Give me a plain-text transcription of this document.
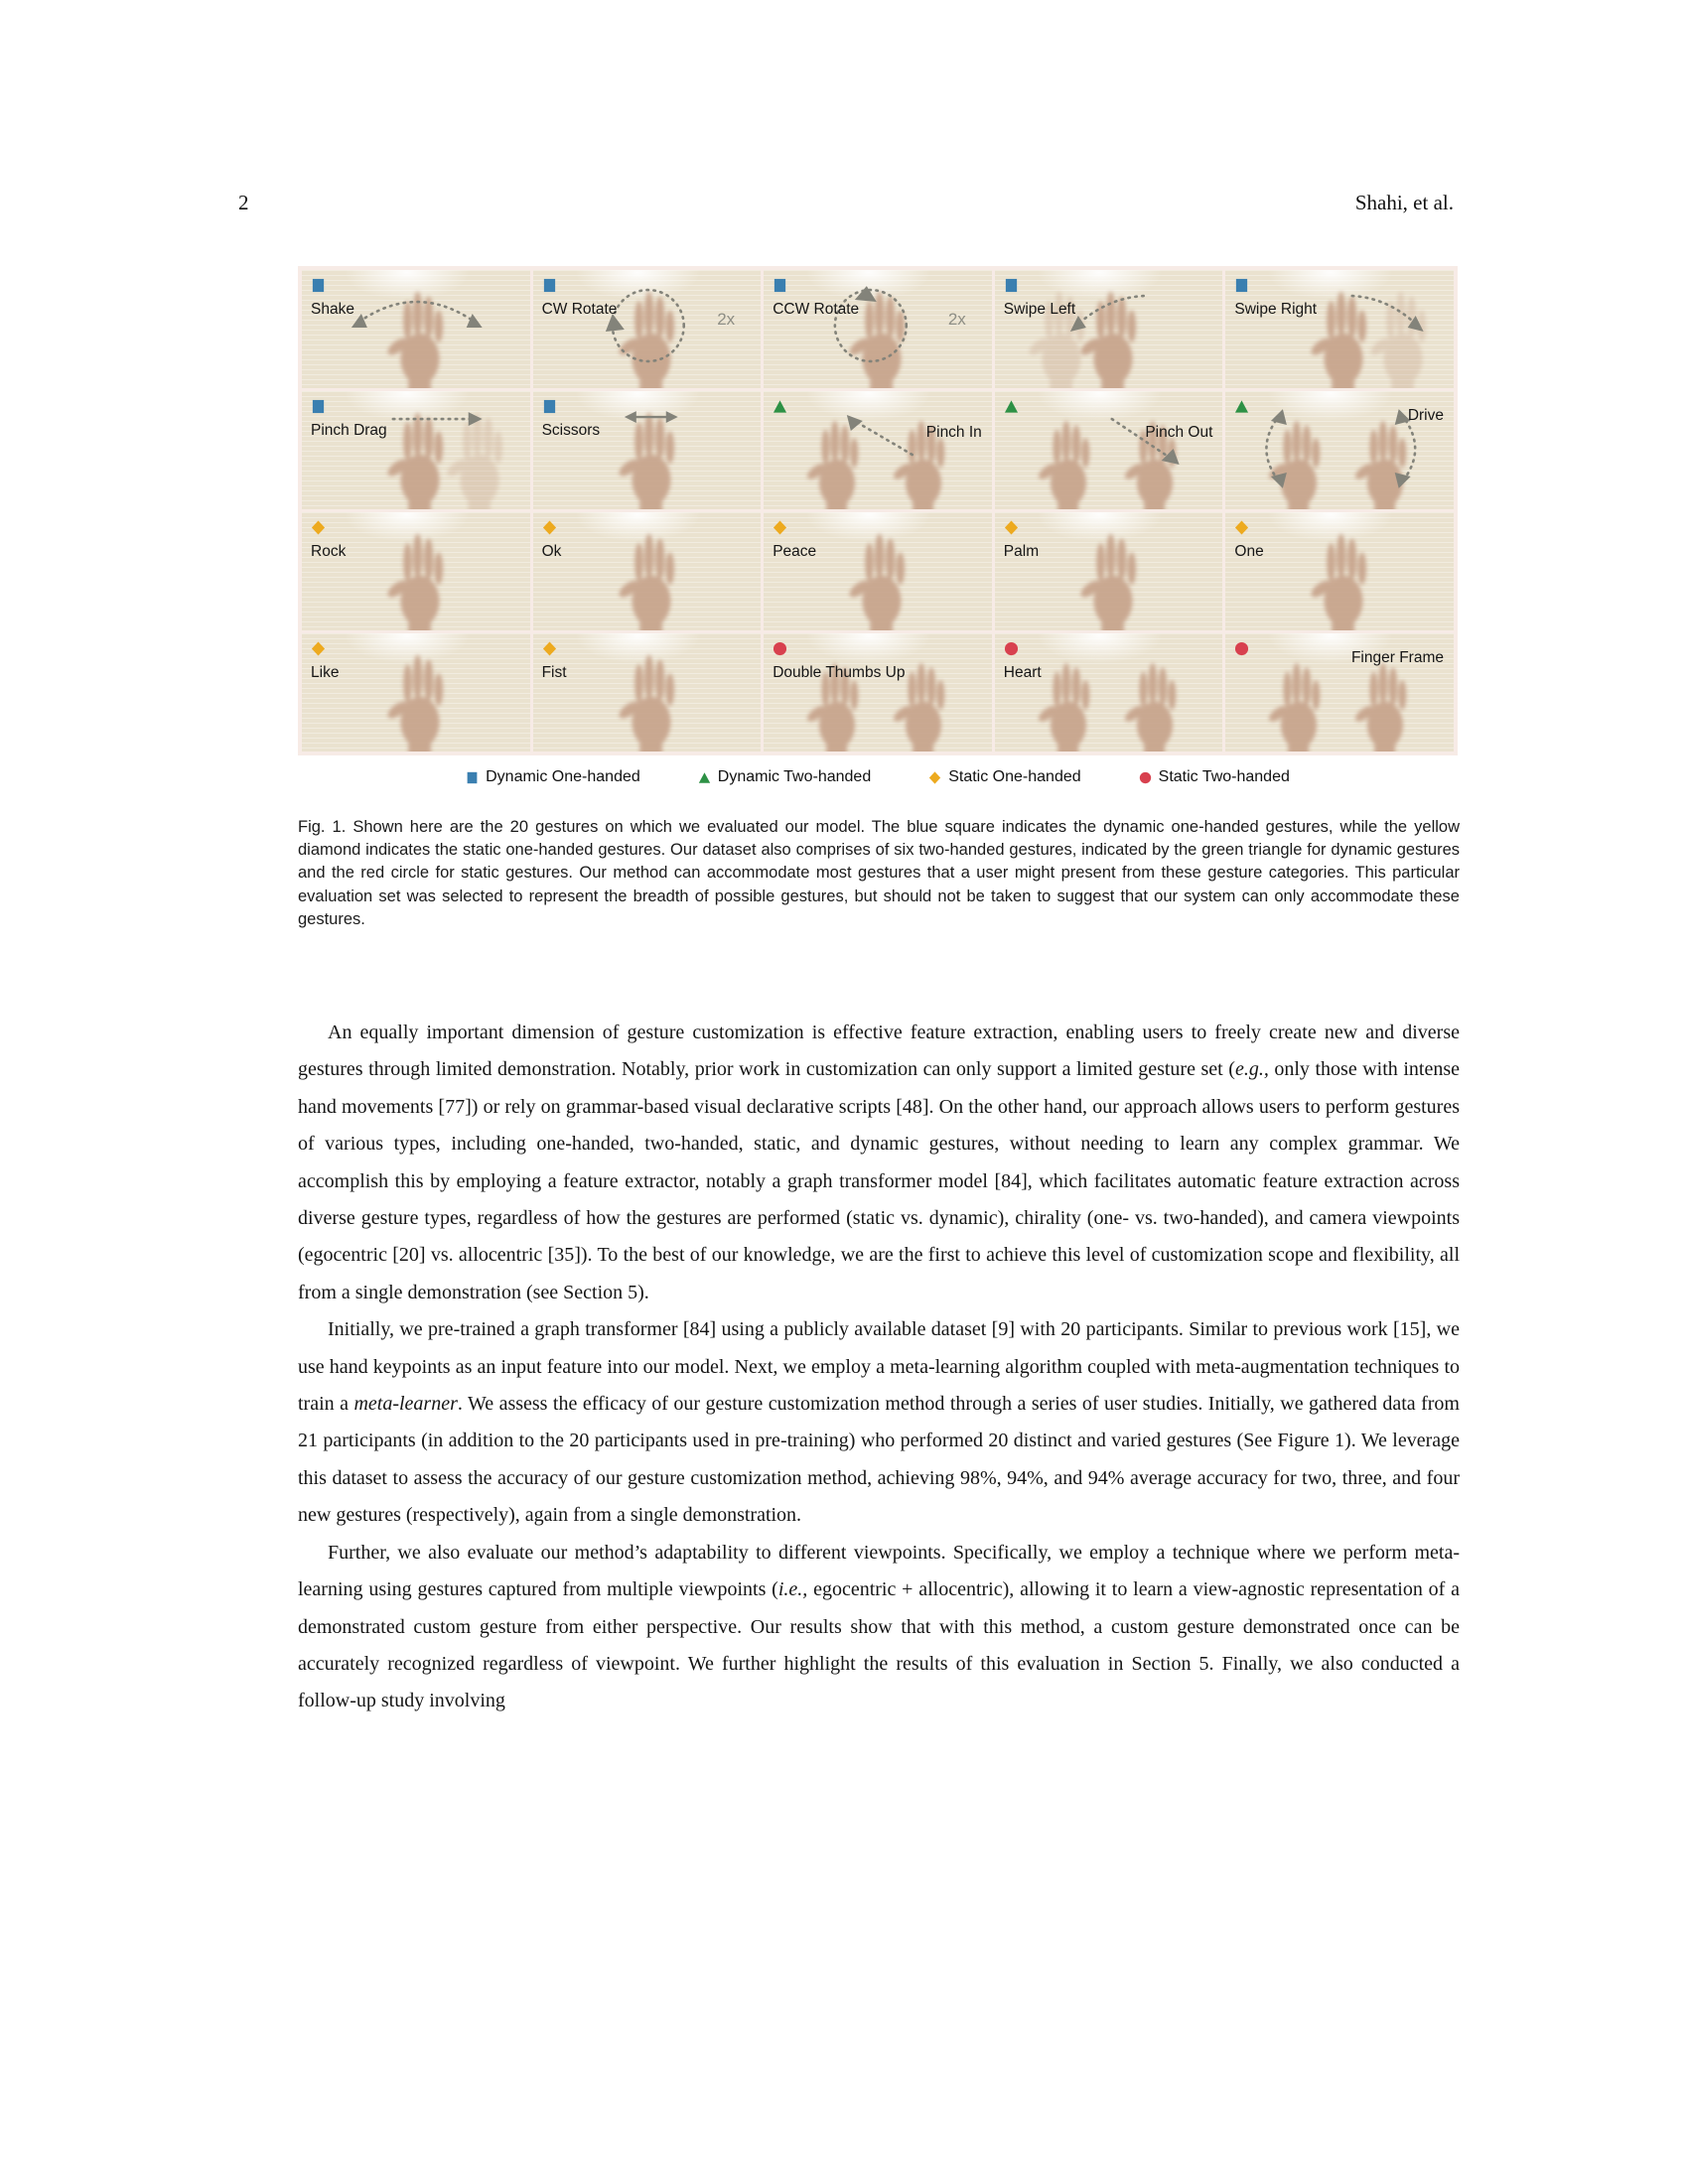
2	Shahi, et al.
Shake	CW Rotate
2x
CCW Rotate
2x
Swipe Left	Swipe Right
Pinch Drag	Scissors	Pinch In	Pinch Out
Drive
Rock	Ok	Peace	Palm	One
Like	Fist	Double Thumbs Up	Heart
Finger Frame
Dynamic One-handed	Dynamic Two-handed	Static One-handed	Static Two-handed
Fig. 1. Shown here are the 20 gestures on which we evaluated our model. The blue square indicates the dynamic one-handed gestures, while the yellow diamond indicates the static one-handed gestures. Our dataset also comprises of six two-handed gestures, indicated by the green triangle for dynamic gestures and the red circle for static gestures. Our method can accommodate most gestures that a user might present from these gesture categories. This particular evaluation set was selected to represent the breadth of possible gestures, but should not be taken to suggest that our system can only accommodate these gestures.

An equally important dimension of gesture customization is effective feature extraction, enabling users to freely create new and diverse gestures through limited demonstration. Notably, prior work in customization can only support a limited gesture set (e.g., only those with intense hand movements [77]) or rely on grammar-based visual declarative scripts [48]. On the other hand, our approach allows users to perform gestures of various types, including one-handed, two-handed, static, and dynamic gestures, without needing to learn any complex grammar. We accomplish this by employing a feature extractor, notably a graph transformer model [84], which facilitates automatic feature extraction across diverse gesture types, regardless of how the gestures are performed (static vs. dynamic), chirality (one- vs. two-handed), and camera viewpoints (egocentric [20] vs. allocentric [35]). To the best of our knowledge, we are the first to achieve this level of customization scope and flexibility, all from a single demonstration (see Section 5).

Initially, we pre-trained a graph transformer [84] using a publicly available dataset [9] with 20 participants. Similar to previous work [15], we use hand keypoints as an input feature into our model. Next, we employ a meta-learning algorithm coupled with meta-augmentation techniques to train a meta-learner. We assess the efficacy of our gesture customization method through a series of user studies. Initially, we gathered data from 21 participants (in addition to the 20 participants used in pre-training) who performed 20 distinct and varied gestures (See Figure 1). We leverage this dataset to assess the accuracy of our gesture customization method, achieving 98%, 94%, and 94% average accuracy for two, three, and four new gestures (respectively), again from a single demonstration.

Further, we also evaluate our method’s adaptability to different viewpoints. Specifically, we employ a technique where we perform meta-learning using gestures captured from multiple viewpoints (i.e., egocentric + allocentric), allowing it to learn a view-agnostic representation of a demonstrated custom gesture from either perspective. Our results show that with this method, a custom gesture demonstrated once can be accurately recognized regardless of viewpoint. We further highlight the results of this evaluation in Section 5. Finally, we also conducted a follow-up study involving
